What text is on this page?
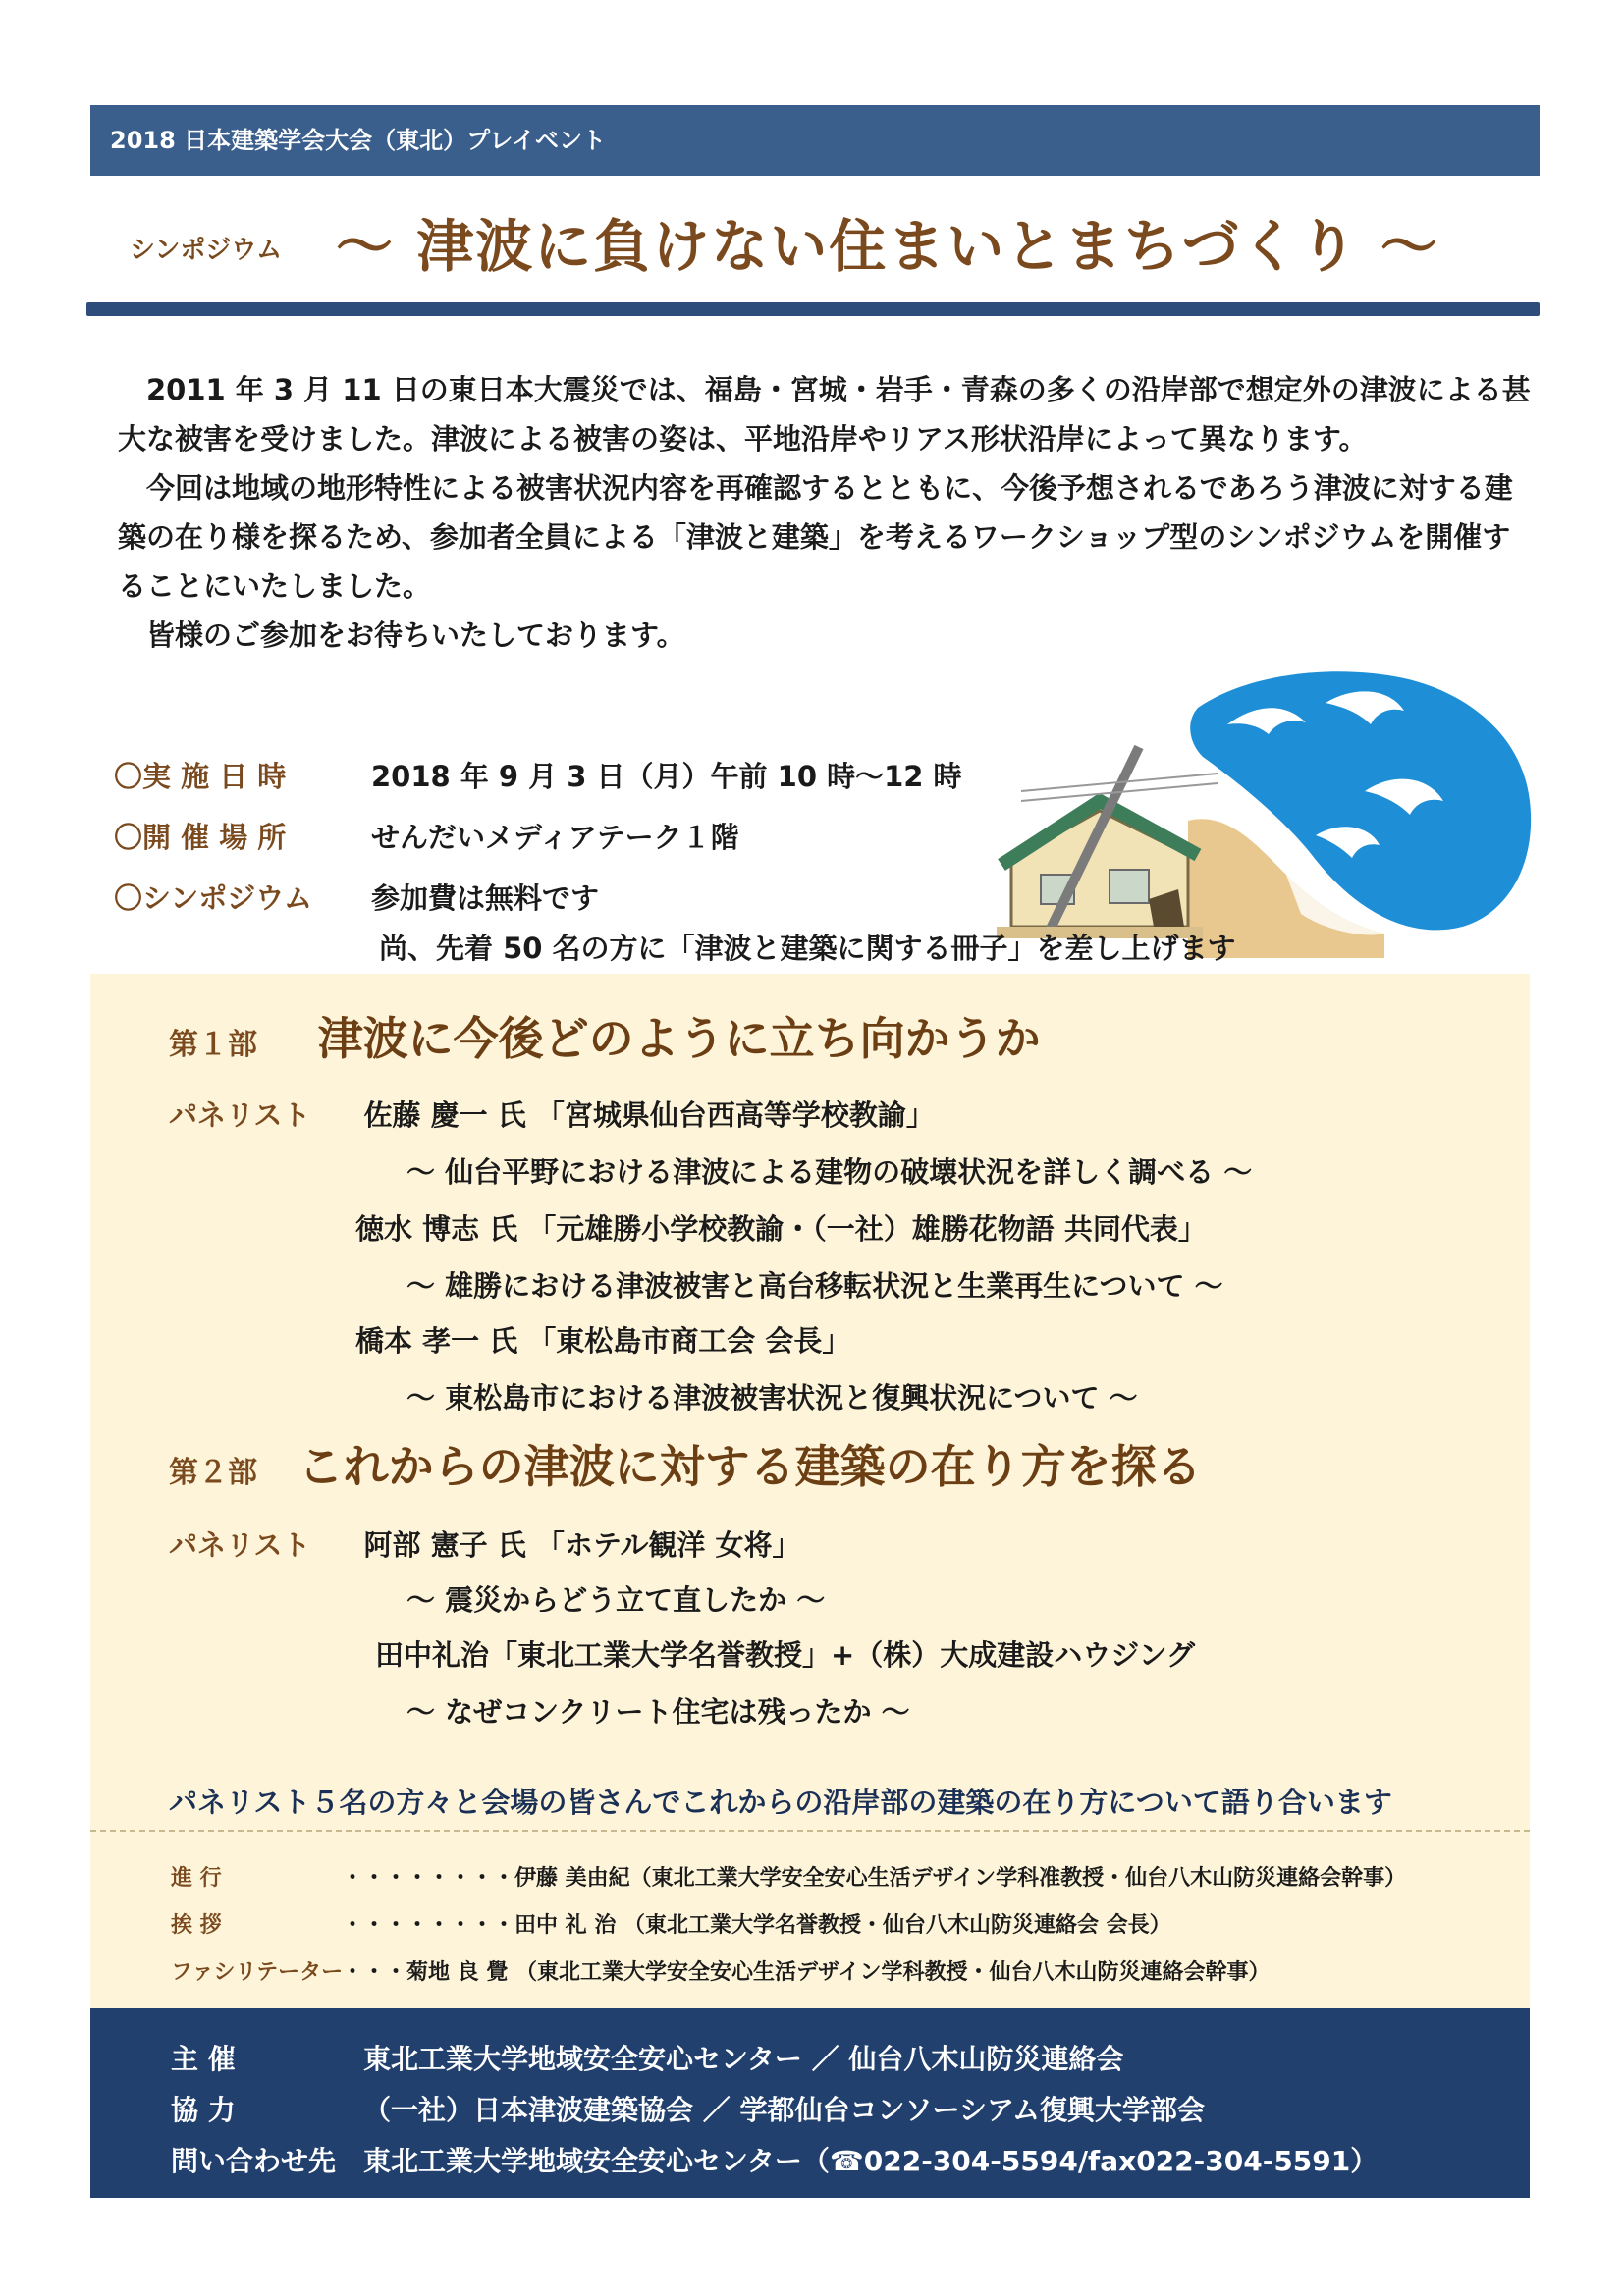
2018 日本建築学会大会（東北）プレイベント
シンポジウム ～ 津波に負けない住まいとまちづくり ～

2011 年 3 月 11 日の東日本大震災では、福島・宮城・岩手・青森の多くの沿岸部で想定外の津波による甚大な被害を受けました。津波による被害の姿は、平地沿岸やリアス形状沿岸によって異なります。

今回は地域の地形特性による被害状況内容を再確認するとともに、今後予想されるであろう津波に対する建築の在り様を探るため、参加者全員による「津波と建築」を考えるワークショップ型のシンポジウムを開催することにいたしました。

皆様のご参加をお待ちいたしております。

〇実 施 日 時	2018 年 9 月 3 日（月）午前 10 時～12 時
〇開 催 場 所	せんだいメディアテーク１階
〇シンポジウム	参加費は無料です
尚、先着 50 名の方に「津波と建築に関する冊子」を差し上げます
第１部 津波に今後どのように立ち向かうか
パネリスト 佐藤 慶一 氏 「宮城県仙台西高等学校教諭」
～ 仙台平野における津波による建物の破壊状況を詳しく調べる ～
徳水 博志 氏 「元雄勝小学校教諭・（一社）雄勝花物語 共同代表」
～ 雄勝における津波被害と高台移転状況と生業再生について ～
橋本 孝一 氏 「東松島市商工会 会長」
～ 東松島市における津波被害状況と復興状況について ～
第２部 これからの津波に対する建築の在り方を探る
パネリスト 阿部 憲子 氏 「ホテル観洋 女将」
～ 震災からどう立て直したか ～
田中礼治「東北工業大学名誉教授」+（株）大成建設ハウジング
～ なぜコンクリート住宅は残ったか ～
パネリスト５名の方々と会場の皆さんでこれからの沿岸部の建築の在り方について語り合います
進 行	・・・・・・・・伊藤 美由紀（東北工業大学安全安心生活デザイン学科准教授・仙台八木山防災連絡会幹事）
挨 拶	・・・・・・・・田中 礼 治 （東北工業大学名誉教授・仙台八木山防災連絡会 会長）
ファシリテーター・・・菊地 良 覺 （東北工業大学安全安心生活デザイン学科教授・仙台八木山防災連絡会幹事）
主 催	東北工業大学地域安全安心センター ／ 仙台八木山防災連絡会
協 力	（一社）日本津波建築協会 ／ 学都仙台コンソーシアム復興大学部会
問い合わせ先 東北工業大学地域安全安心センター（☎022-304-5594/fax022-304-5591）
